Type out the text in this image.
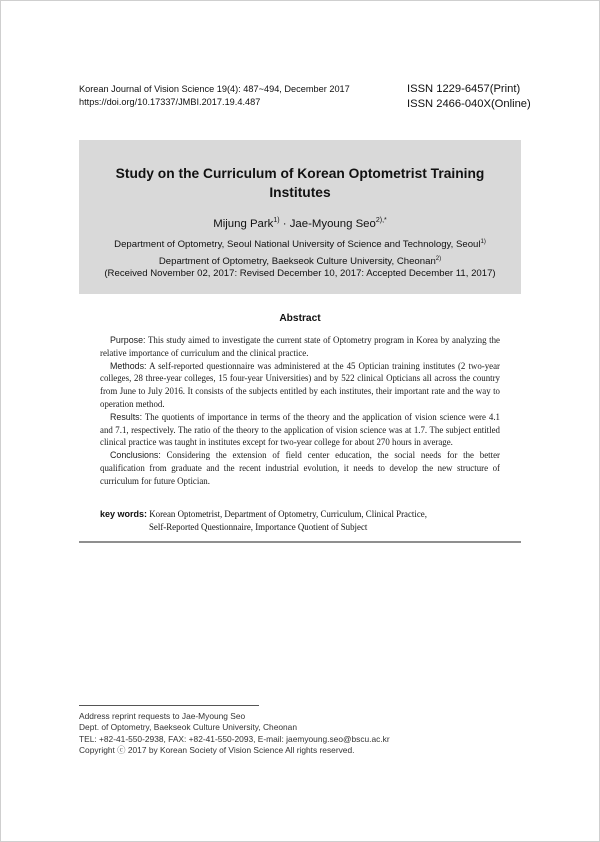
Korean Journal of Vision Science 19(4): 487~494, December 2017
https://doi.org/10.17337/JMBI.2017.19.4.487
ISSN 1229-6457(Print)
ISSN 2466-040X(Online)
Study on the Curriculum of Korean Optometrist Training
Institutes
Mijung Park$^{1)}$ · Jae-Myoung Seo$^{2),*}$
Department of Optometry, Seoul National University of Science and Technology, Seoul$^{1)}$
Department of Optometry, Baekseok Culture University, Cheonan$^{2)}$
(Received November 02, 2017: Revised December 10, 2017: Accepted December 11, 2017)
Abstract

Purpose: This study aimed to investigate the current state of Optometry program in Korea by analyzing the relative importance of curriculum and the clinical practice.

Methods: A self-reported questionnaire was administered at the 45 Optician training institutes (2 two-year colleges, 28 three-year colleges, 15 four-year Universities) and by 522 clinical Opticians all across the country from June to July 2016. It consists of the subjects entitled by each institutes, their important rate and the way to operation method.

Results: The quotients of importance in terms of the theory and the application of vision science were 4.1 and 7.1, respectively. The ratio of the theory to the application of vision science was at 1.7. The subject entitled clinical practice was taught in institutes except for two-year college for about 270 hours in average.

Conclusions: Considering the extension of field center education, the social needs for the better qualification from graduate and the recent industrial evolution, it needs to develop the new structure of curriculum for future Optician.

key words: Korean Optometrist, Department of Optometry, Curriculum, Clinical Practice,
Self-Reported Questionnaire, Importance Quotient of Subject
Address reprint requests to Jae-Myoung Seo
Dept. of Optometry, Baekseok Culture University, Cheonan
TEL: +82-41-550-2938, FAX: +82-41-550-2093, E-mail: jaemyoung.seo@bscu.ac.kr
Copyright ⓒ 2017 by Korean Society of Vision Science All rights reserved.
